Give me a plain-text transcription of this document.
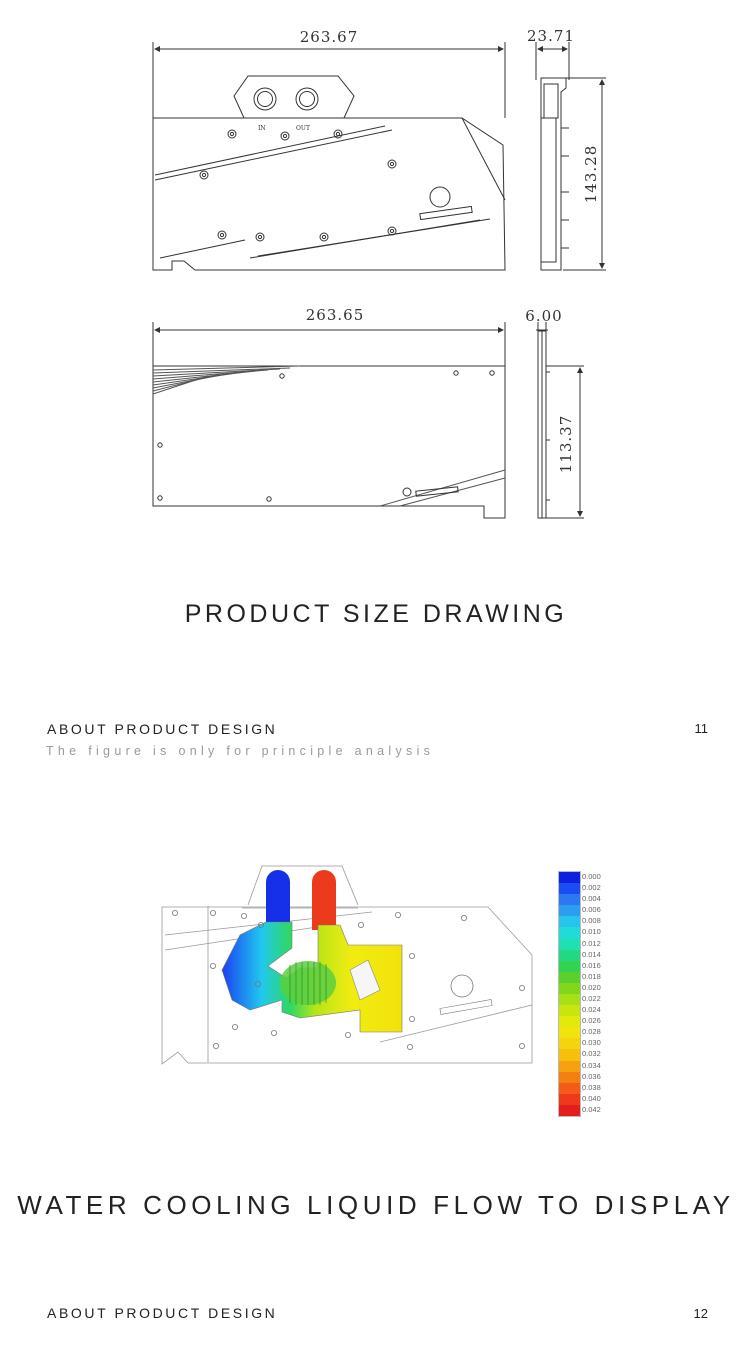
263.67	23.71
143.28
263.65	6.00
113.37
IN	OUT
PRODUCT SIZE DRAWING
ABOUT PRODUCT DESIGN
The figure is only for principle analysis
11
0.000
0.002
0.004
0.006
0.008
0.010
0.012
0.014
0.016
0.018
0.020
0.022
0.024
0.026
0.028
0.030
0.032
0.034
0.036
0.038
0.040
0.042
WATER COOLING LIQUID FLOW TO DISPLAY
ABOUT PRODUCT DESIGN	12
